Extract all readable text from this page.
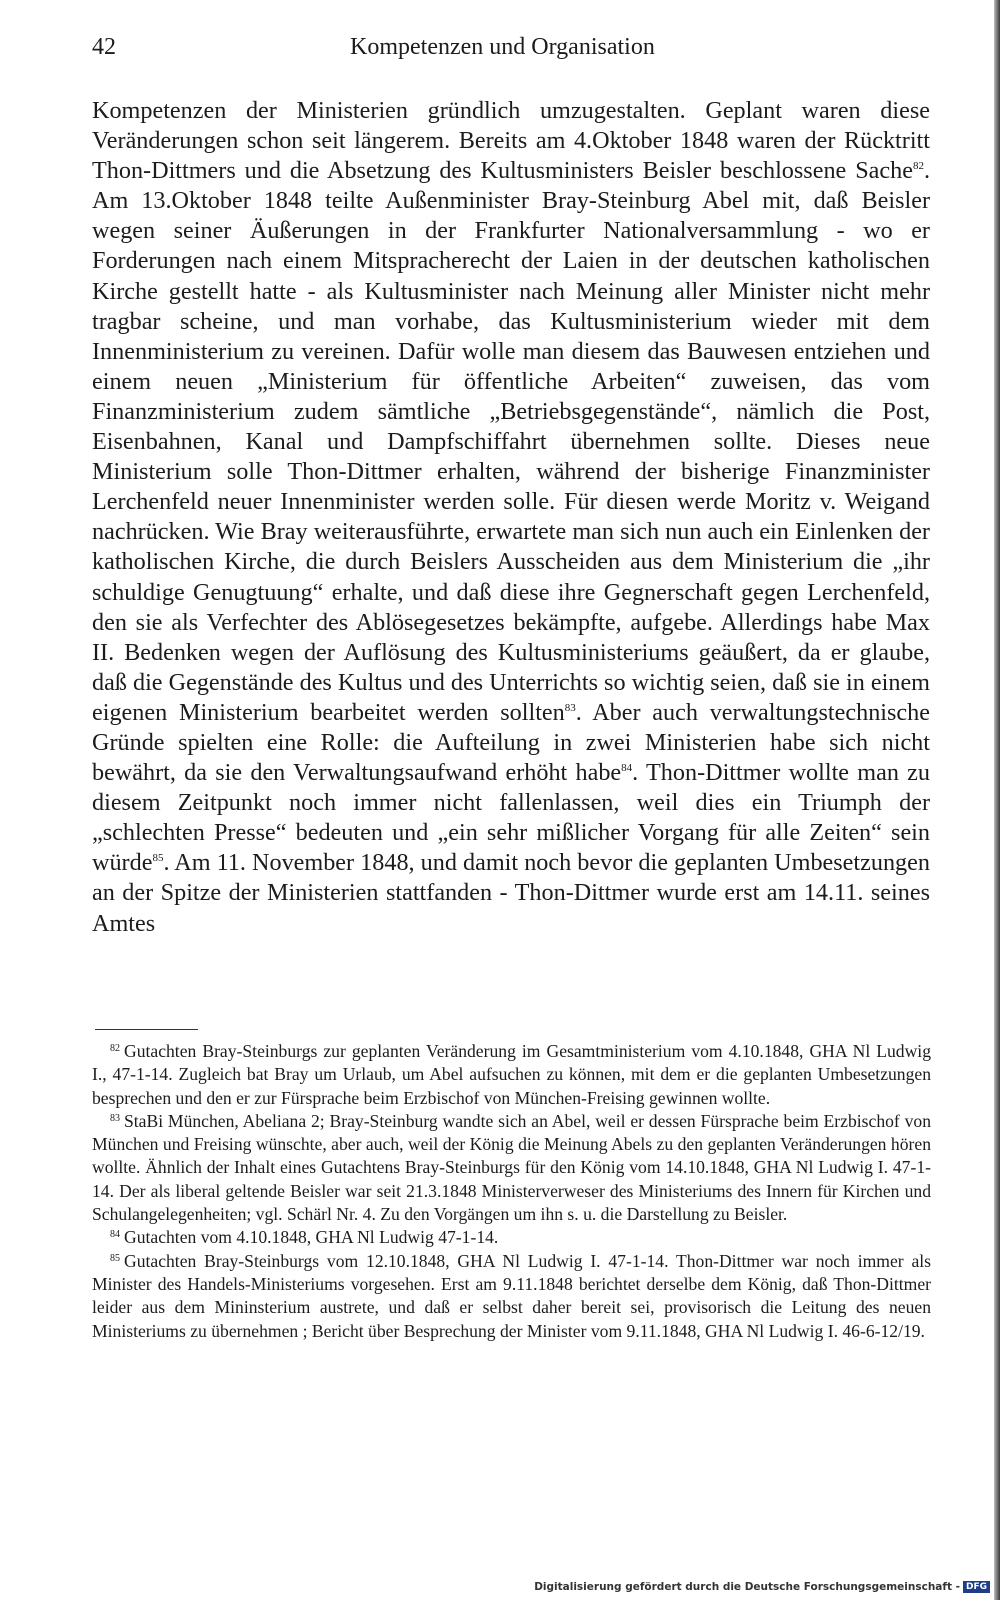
42	Kompetenzen und Organisation

Kompetenzen der Ministerien gründlich umzugestalten. Geplant waren diese Veränderungen schon seit längerem. Bereits am 4.Oktober 1848 waren der Rücktritt Thon-Dittmers und die Absetzung des Kultusministers Beisler beschlossene Sache$^{82}$. Am 13.Oktober 1848 teilte Außenminister Bray-Steinburg Abel mit, daß Beisler wegen seiner Äußerungen in der Frankfurter Nationalversammlung - wo er Forderungen nach einem Mitspracherecht der Laien in der deutschen katholischen Kirche gestellt hatte - als Kultusminister nach Meinung aller Minister nicht mehr tragbar scheine, und man vorhabe, das Kultusministerium wieder mit dem Innenministerium zu vereinen. Dafür wolle man diesem das Bauwesen entziehen und einem neuen „Ministerium für öffentliche Arbeiten“ zuweisen, das vom Finanzministerium zudem sämtliche „Betriebsgegenstände“, nämlich die Post, Eisenbahnen, Kanal und Dampfschiffahrt übernehmen sollte. Dieses neue Ministerium solle Thon-Dittmer erhalten, während der bisherige Finanzminister Lerchenfeld neuer Innenminister werden solle. Für diesen werde Moritz v. Weigand nachrücken. Wie Bray weiterausführte, erwartete man sich nun auch ein Einlenken der katholischen Kirche, die durch Beislers Ausscheiden aus dem Ministerium die „ihr schuldige Genugtuung“ erhalte, und daß diese ihre Gegnerschaft gegen Lerchenfeld, den sie als Verfechter des Ablösegesetzes bekämpfte, aufgebe. Allerdings habe Max II. Bedenken wegen der Auflösung des Kultusministeriums geäußert, da er glaube, daß die Gegenstände des Kultus und des Unterrichts so wichtig seien, daß sie in einem eigenen Ministerium bearbeitet werden sollten$^{83}$. Aber auch verwaltungstechnische Gründe spielten eine Rolle: die Aufteilung in zwei Ministerien habe sich nicht bewährt, da sie den Verwaltungsaufwand erhöht habe$^{84}$. Thon-Dittmer wollte man zu diesem Zeitpunkt noch immer nicht fallenlassen, weil dies ein Triumph der „schlechten Presse“ bedeuten und „ein sehr mißlicher Vorgang für alle Zeiten“ sein würde$^{85}$. Am 11. November 1848, und damit noch bevor die geplanten Umbesetzungen an der Spitze der Ministerien stattfanden - Thon-Dittmer wurde erst am 14.11. seines Amtes

$^{82}$ Gutachten Bray-Steinburgs zur geplanten Veränderung im Gesamtministerium vom 4.10.1848, GHA Nl Ludwig I., 47-1-14. Zugleich bat Bray um Urlaub, um Abel aufsuchen zu können, mit dem er die geplanten Umbesetzungen besprechen und den er zur Fürsprache beim Erzbischof von München-Freising gewinnen wollte.

$^{83}$ StaBi München, Abeliana 2; Bray-Steinburg wandte sich an Abel, weil er dessen Fürsprache beim Erzbischof von München und Freising wünschte, aber auch, weil der König die Meinung Abels zu den geplanten Veränderungen hören wollte. Ähnlich der Inhalt eines Gutachtens Bray-Steinburgs für den König vom 14.10.1848, GHA Nl Ludwig I. 47-1-14. Der als liberal geltende Beisler war seit 21.3.1848 Ministerverweser des Ministeriums des Innern für Kirchen und Schulangelegenheiten; vgl. Schärl Nr. 4. Zu den Vorgängen um ihn s. u. die Darstellung zu Beisler.

$^{84}$ Gutachten vom 4.10.1848, GHA Nl Ludwig 47-1-14.

$^{85}$ Gutachten Bray-Steinburgs vom 12.10.1848, GHA Nl Ludwig I. 47-1-14. Thon-Dittmer war noch immer als Minister des Handels-Ministeriums vorgesehen. Erst am 9.11.1848 berichtet derselbe dem König, daß Thon-Dittmer leider aus dem Mininsterium austrete, und daß er selbst daher bereit sei, provisorisch die Leitung des neuen Ministeriums zu übernehmen ; Bericht über Besprechung der Minister vom 9.11.1848, GHA Nl Ludwig I. 46-6-12/19.

Digitalisierung gefördert durch die Deutsche Forschungsgemeinschaft - DFG
